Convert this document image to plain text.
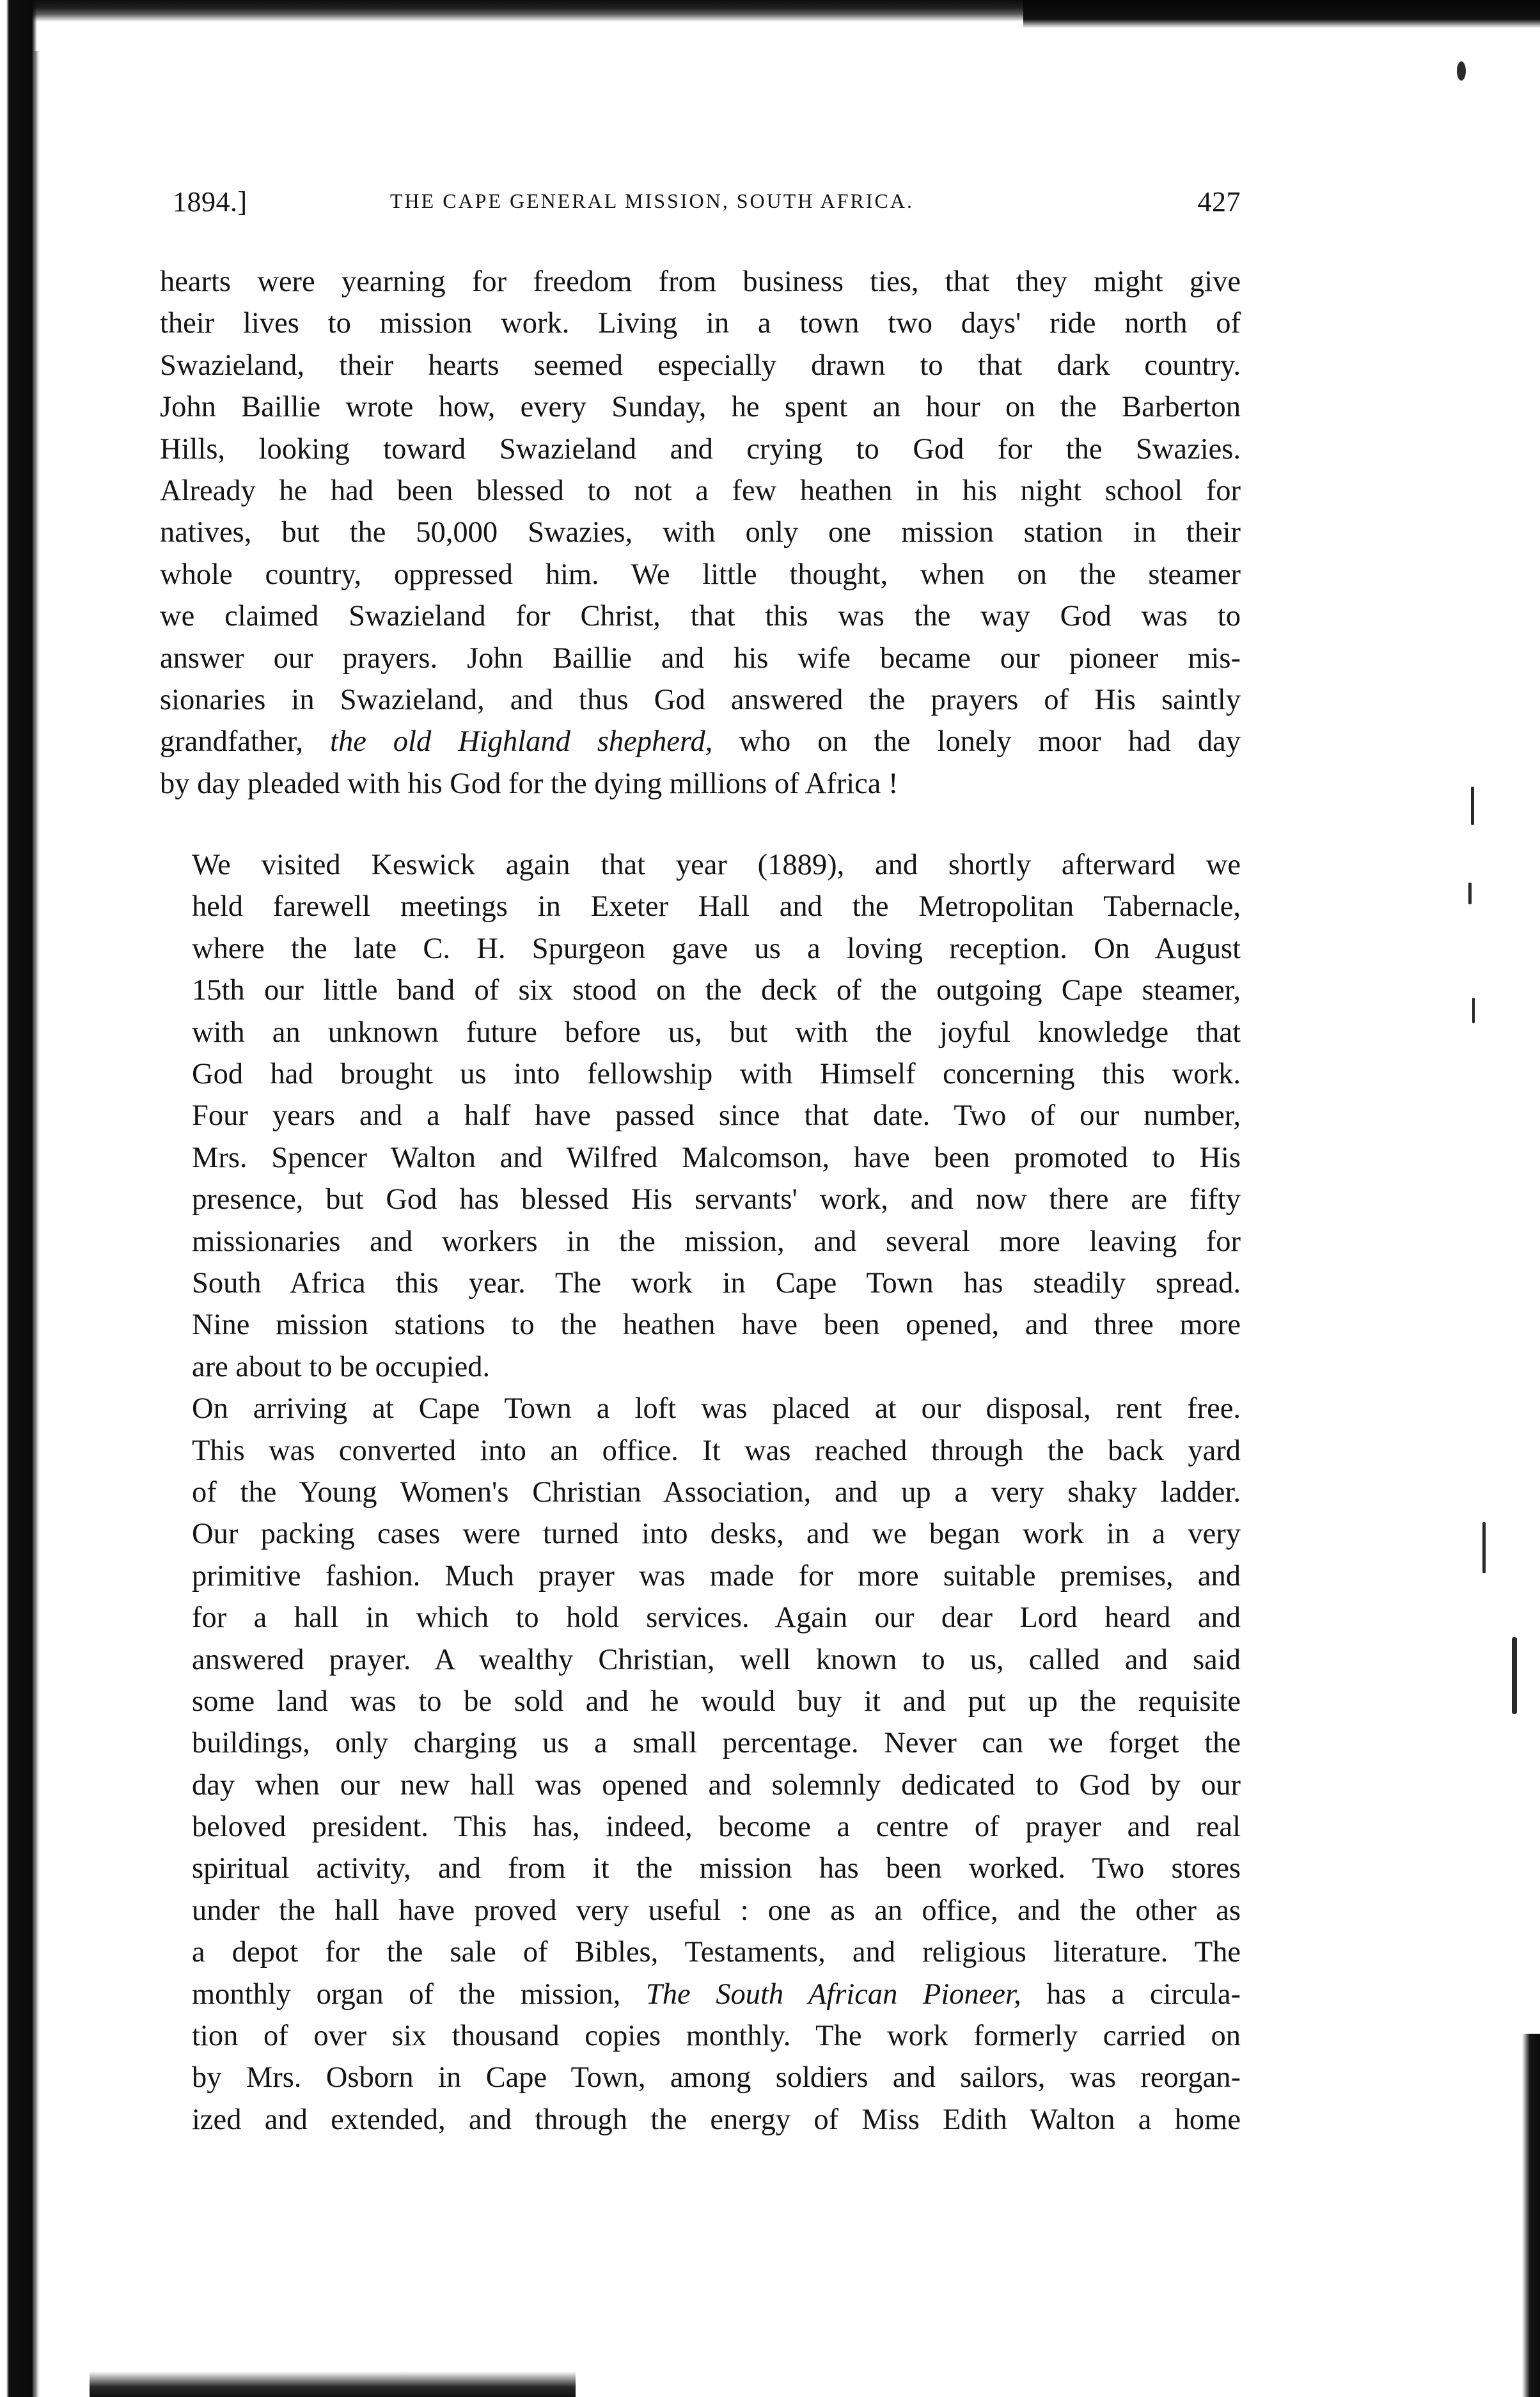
1894.]	THE CAPE GENERAL MISSION, SOUTH AFRICA.	427

hearts were yearning for freedom from business ties, that they might give
their lives to mission work. Living in a town two days' ride north of
Swazieland, their hearts seemed especially drawn to that dark country.
John Baillie wrote how, every Sunday, he spent an hour on the Barberton
Hills, looking toward Swazieland and crying to God for the Swazies.
Already he had been blessed to not a few heathen in his night school for
natives, but the 50,000 Swazies, with only one mission station in their
whole country, oppressed him. We little thought, when on the steamer
we claimed Swazieland for Christ, that this was the way God was to
answer our prayers. John Baillie and his wife became our pioneer mis-
sionaries in Swazieland, and thus God answered the prayers of His saintly
grandfather, the old Highland shepherd, who on the lonely moor had day
by day pleaded with his God for the dying millions of Africa !

We visited Keswick again that year (1889), and shortly afterward we
held farewell meetings in Exeter Hall and the Metropolitan Tabernacle,
where the late C. H. Spurgeon gave us a loving reception. On August
15th our little band of six stood on the deck of the outgoing Cape steamer,
with an unknown future before us, but with the joyful knowledge that
God had brought us into fellowship with Himself concerning this work.
Four years and a half have passed since that date. Two of our number,
Mrs. Spencer Walton and Wilfred Malcomson, have been promoted to His
presence, but God has blessed His servants' work, and now there are fifty
missionaries and workers in the mission, and several more leaving for
South Africa this year. The work in Cape Town has steadily spread.
Nine mission stations to the heathen have been opened, and three more
are about to be occupied.

On arriving at Cape Town a loft was placed at our disposal, rent free.
This was converted into an office. It was reached through the back yard
of the Young Women's Christian Association, and up a very shaky ladder.
Our packing cases were turned into desks, and we began work in a very
primitive fashion. Much prayer was made for more suitable premises, and
for a hall in which to hold services. Again our dear Lord heard and
answered prayer. A wealthy Christian, well known to us, called and said
some land was to be sold and he would buy it and put up the requisite
buildings, only charging us a small percentage. Never can we forget the
day when our new hall was opened and solemnly dedicated to God by our
beloved president. This has, indeed, become a centre of prayer and real
spiritual activity, and from it the mission has been worked. Two stores
under the hall have proved very useful : one as an office, and the other as
a depot for the sale of Bibles, Testaments, and religious literature. The
monthly organ of the mission, The South African Pioneer, has a circula-
tion of over six thousand copies monthly. The work formerly carried on
by Mrs. Osborn in Cape Town, among soldiers and sailors, was reorgan-
ized and extended, and through the energy of Miss Edith Walton a home
